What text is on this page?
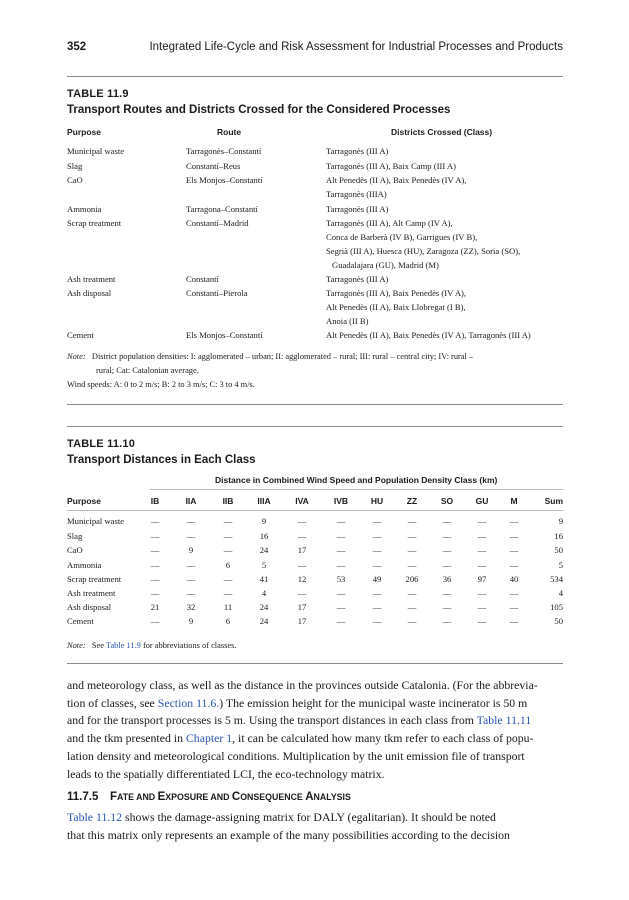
352	Integrated Life-Cycle and Risk Assessment for Industrial Processes and Products
TABLE 11.9
Transport Routes and Districts Crossed for the Considered Processes
Purpose	Route	Districts Crossed (Class)
Municipal waste	Tarragonès–Constantí	Tarragonès (III A)
Slag	Constantí–Reus	Tarragonès (III A), Baix Camp (III A)
CaO	Els Monjos–Constantí	Alt Penedès (II A), Baix Penedès (IV A),
Tarragonès (IIIA)
Ammonia	Tarragona–Constantí	Tarragonès (III A)
Scrap treatment	Constantí–Madrid	Tarragonès (III A), Alt Camp (IV A),
Conca de Barberà (IV B), Garrigues (IV B),
Segrià (III A), Huesca (HU), Zaragoza (ZZ), Soria (SO),
Guadalajara (GU), Madrid (M)
Ash treatment	Constantí	Tarragonès (III A)
Ash disposal	Constantí–Pierola	Tarragonès (III A), Baix Penedès (IV A),
Alt Penedès (II A), Baix Llobregat (I B),
Anoia (II B)
Cement	Els Monjos–Constantí	Alt Penedès (II A), Baix Penedès (IV A), Tarragonès (III A)
Note: District population densities: I: agglomerated – urban; II: agglomerated – rural; III: rural – central city; IV: rural –
rural; Cat: Catalonian average.
Wind speeds: A: 0 to 2 m/s; B: 2 to 3 m/s; C: 3 to 4 m/s.
TABLE 11.10
Transport Distances in Each Class
Distance in Combined Wind Speed and Population Density Class (km)
Purpose	IB	IIA	IIB	IIIA	IVA	IVB	HU	ZZ	SO	GU	M	Sum
Municipal waste	—	—	—	9	—	—	—	—	—	—	—	9
Slag	—	—	—	16	—	—	—	—	—	—	—	16
CaO	—	9	—	24	17	—	—	—	—	—	—	50
Ammonia	—	—	6	5	—	—	—	—	—	—	—	5
Scrap treatment	—	—	—	41	12	53	49	206	36	97	40	534
Ash treatment	—	—	—	4	—	—	—	—	—	—	—	4
Ash disposal	21	32	11	24	17	—	—	—	—	—	—	105
Cement	—	9	6	24	17	—	—	—	—	—	—	50
Note: See Table 11.9 for abbreviations of classes.
and meteorology class, as well as the distance in the provinces outside Catalonia. (For the abbrevia-
tion of classes, see Section 11.6.) The emission height for the municipal waste incinerator is 50 m
and for the transport processes is 5 m. Using the transport distances in each class from Table 11.11
and the tkm presented in Chapter 1, it can be calculated how many tkm refer to each class of popu-
lation density and meteorological conditions. Multiplication by the unit emission file of transport
leads to the spatially differentiated LCI, the eco-technology matrix.
11.7.5 FATE AND EXPOSURE AND CONSEQUENCE ANALYSIS
Table 11.12 shows the damage-assigning matrix for DALY (egalitarian). It should be noted
that this matrix only represents an example of the many possibilities according to the decision
